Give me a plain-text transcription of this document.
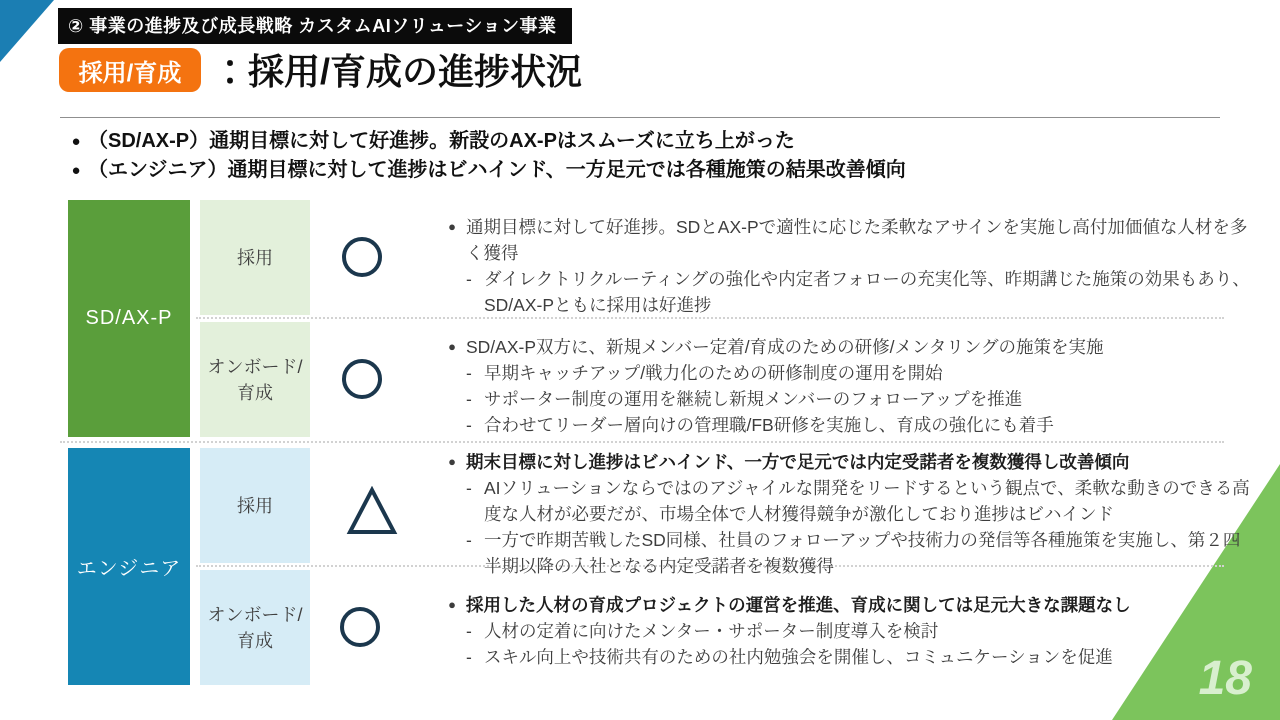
18
② 事業の進捗及び成長戦略 カスタムAIソリューション事業
採用/育成 ：採用/育成の進捗状況
● （SD/AX-P）通期目標に対して好進捗。新設のAX-Pはスムーズに立ち上がった
● （エンジニア）通期目標に対して進捗はビハインド、一方足元では各種施策の結果改善傾向
SD/AX-P
エンジニア
採用
オンボード/育成
採用
オンボード/育成
● 通期目標に対して好進捗。SDとAX-Pで適性に応じた柔軟なアサインを実施し高付加価値な人材を多く獲得
- ダイレクトリクルーティングの強化や内定者フォローの充実化等、昨期講じた施策の効果もあり、SD/AX-Pともに採用は好進捗
● SD/AX-P双方に、新規メンバー定着/育成のための研修/メンタリングの施策を実施
- 早期キャッチアップ/戦力化のための研修制度の運用を開始
- サポーター制度の運用を継続し新規メンバーのフォローアップを推進
- 合わせてリーダー層向けの管理職/FB研修を実施し、育成の強化にも着手
● 期末目標に対し進捗はビハインド、一方で足元では内定受諾者を複数獲得し改善傾向
- AIソリューションならではのアジャイルな開発をリードするという観点で、柔軟な動きのできる高度な人材が必要だが、市場全体で人材獲得競争が激化しており進捗はビハインド
- 一方で昨期苦戦したSD同様、社員のフォローアップや技術力の発信等各種施策を実施し、第２四半期以降の入社となる内定受諾者を複数獲得
● 採用した人材の育成プロジェクトの運営を推進、育成に関しては足元大きな課題なし
- 人材の定着に向けたメンター・サポーター制度導入を検討
- スキル向上や技術共有のための社内勉強会を開催し、コミュニケーションを促進
